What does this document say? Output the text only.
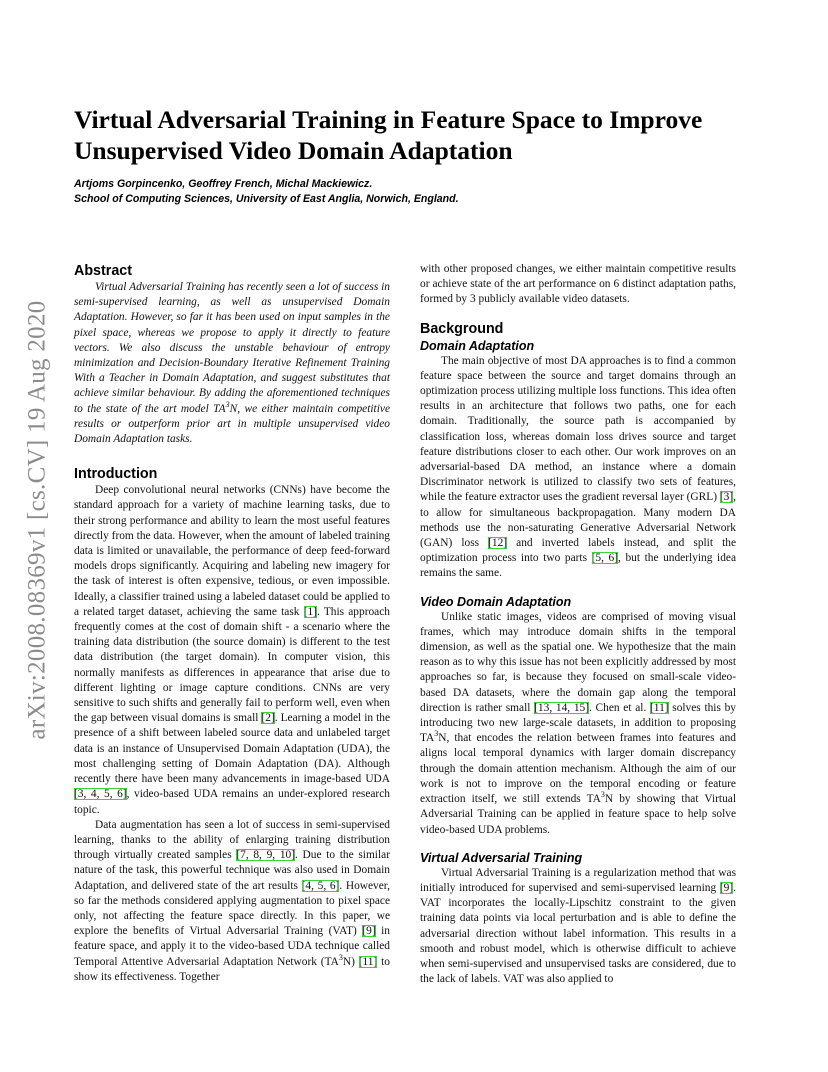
arXiv:2008.08369v1 [cs.CV] 19 Aug 2020
Virtual Adversarial Training in Feature Space to Improve Unsupervised Video Domain Adaptation
Artjoms Gorpincenko, Geoffrey French, Michal Mackiewicz.
School of Computing Sciences, University of East Anglia, Norwich, England.
Abstract

Virtual Adversarial Training has recently seen a lot of success in semi-supervised learning, as well as unsupervised Domain Adaptation. However, so far it has been used on input samples in the pixel space, whereas we propose to apply it directly to feature vectors. We also discuss the unstable behaviour of entropy minimization and Decision-Boundary Iterative Refinement Training With a Teacher in Domain Adaptation, and suggest substitutes that achieve similar behaviour. By adding the aforementioned techniques to the state of the art model $TA^3N$, we either maintain competitive results or outperform prior art in multiple unsupervised video Domain Adaptation tasks.

Introduction

Deep convolutional neural networks (CNNs) have become the standard approach for a variety of machine learning tasks, due to their strong performance and ability to learn the most useful features directly from the data. However, when the amount of labeled training data is limited or unavailable, the performance of deep feed-forward models drops significantly. Acquiring and labeling new imagery for the task of interest is often expensive, tedious, or even impossible. Ideally, a classifier trained using a labeled dataset could be applied to a related target dataset, achieving the same task [1]. This approach frequently comes at the cost of domain shift - a scenario where the training data distribution (the source domain) is different to the test data distribution (the target domain). In computer vision, this normally manifests as differences in appearance that arise due to different lighting or image capture conditions. CNNs are very sensitive to such shifts and generally fail to perform well, even when the gap between visual domains is small [2]. Learning a model in the presence of a shift between labeled source data and unlabeled target data is an instance of Unsupervised Domain Adaptation (UDA), the most challenging setting of Domain Adaptation (DA). Although recently there have been many advancements in image-based UDA [3, 4, 5, 6], video-based UDA remains an under-explored research topic.

Data augmentation has seen a lot of success in semi-supervised learning, thanks to the ability of enlarging training distribution through virtually created samples [7, 8, 9, 10]. Due to the similar nature of the task, this powerful technique was also used in Domain Adaptation, and delivered state of the art results [4, 5, 6]. However, so far the methods considered applying augmentation to pixel space only, not affecting the feature space directly. In this paper, we explore the benefits of Virtual Adversarial Training (VAT) [9] in feature space, and apply it to the video-based UDA technique called Temporal Attentive Adversarial Adaptation Network $(TA^3N)$ [11] to show its effectiveness. Together

with other proposed changes, we either maintain competitive results or achieve state of the art performance on 6 distinct adaptation paths, formed by 3 publicly available video datasets.

Background
Domain Adaptation

The main objective of most DA approaches is to find a common feature space between the source and target domains through an optimization process utilizing multiple loss functions. This idea often results in an architecture that follows two paths, one for each domain. Traditionally, the source path is accompanied by classification loss, whereas domain loss drives source and target feature distributions closer to each other. Our work improves on an adversarial-based DA method, an instance where a domain Discriminator network is utilized to classify two sets of features, while the feature extractor uses the gradient reversal layer (GRL) [3], to allow for simultaneous backpropagation. Many modern DA methods use the non-saturating Generative Adversarial Network (GAN) loss [12] and inverted labels instead, and split the optimization process into two parts [5, 6], but the underlying idea remains the same.

Video Domain Adaptation

Unlike static images, videos are comprised of moving visual frames, which may introduce domain shifts in the temporal dimension, as well as the spatial one. We hypothesize that the main reason as to why this issue has not been explicitly addressed by most approaches so far, is because they focused on small-scale video-based DA datasets, where the domain gap along the temporal direction is rather small [13, 14, 15]. Chen et al. [11] solves this by introducing two new large-scale datasets, in addition to proposing $TA^3N$, that encodes the relation between frames into features and aligns local temporal dynamics with larger domain discrepancy through the domain attention mechanism. Although the aim of our work is not to improve on the temporal encoding or feature extraction itself, we still extends $TA^3N$ by showing that Virtual Adversarial Training can be applied in feature space to help solve video-based UDA problems.

Virtual Adversarial Training

Virtual Adversarial Training is a regularization method that was initially introduced for supervised and semi-supervised learning [9]. VAT incorporates the locally-Lipschitz constraint to the given training data points via local perturbation and is able to define the adversarial direction without label information. This results in a smooth and robust model, which is otherwise difficult to achieve when semi-supervised and unsupervised tasks are considered, due to the lack of labels. VAT was also applied to
